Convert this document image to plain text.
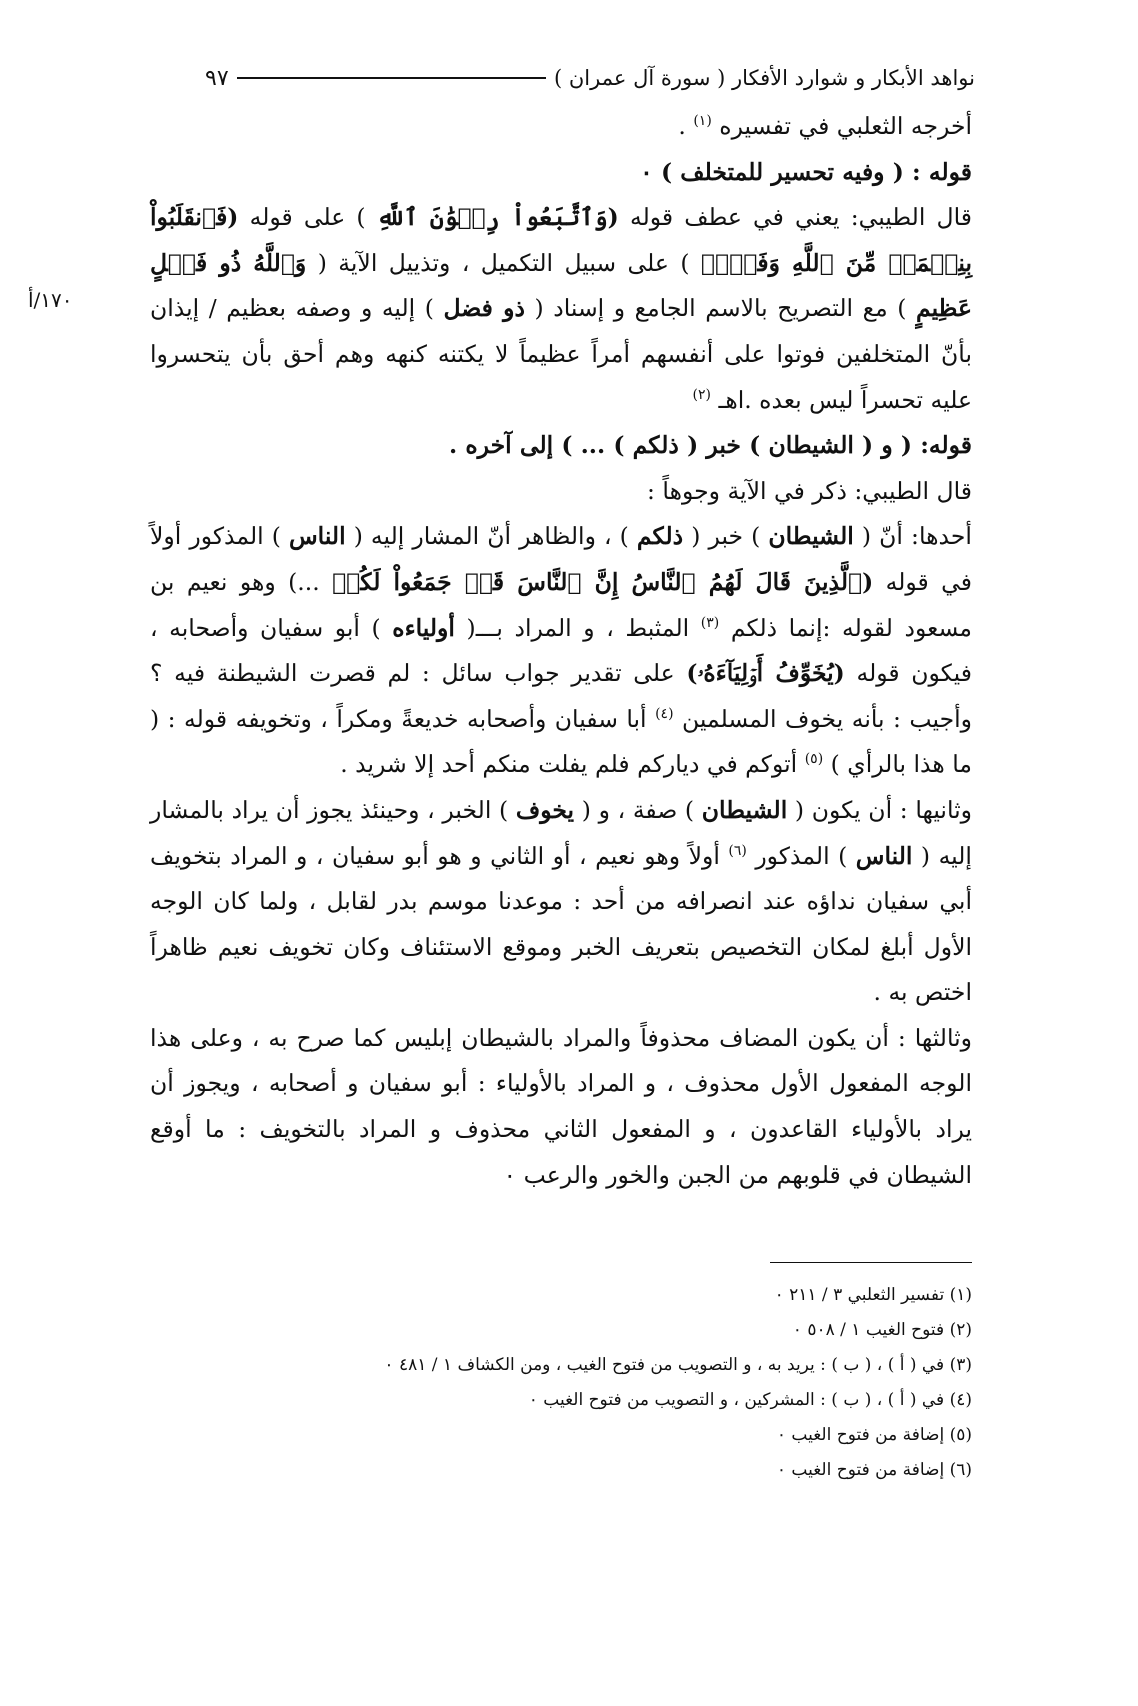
نواهد الأبكار و شوارد الأفكار ( سورة آل عمران )
٩٧
١٧٠/أ

أخرجه الثعلبي في تفسيره $^{(١)}$ .

قوله : ( وفيه تحسير للمتخلف ) ٠

قال الطيبي: يعني في عطف قوله (وَٱتَّبَعُواْ رِضۡوَٰنَ ٱللَّهِ ) على قوله (فَٱنقَلَبُواْ بِنِعۡمَةٖ مِّنَ ٱللَّهِ وَفَضۡلٖ ) على سبيل التكميل ، وتذييل الآية ( وَٱللَّهُ ذُو فَضۡلٍ عَظِيمٍ ) مع التصريح بالاسم الجامع و إسناد ( ذو فضل ) إليه و وصفه بعظيم / إيذان بأنّ المتخلفين فوتوا على أنفسهم أمراً عظيماً لا يكتنه كنهه وهم أحق بأن يتحسروا عليه تحسراً ليس بعده .اهـ $^{(٢)}$

قوله: ( و ( الشيطان ) خبر ( ذلكم ) ... ) إلى آخره .

قال الطيبي: ذكر في الآية وجوهاً :

أحدها: أنّ ( الشيطان ) خبر ( ذلكم ) ، والظاهر أنّ المشار إليه ( الناس ) المذكور أولاً في قوله (ٱلَّذِينَ قَالَ لَهُمُ ٱلنَّاسُ إِنَّ ٱلنَّاسَ قَدۡ جَمَعُواْ لَكُمۡ ...) وهو نعيم بن مسعود لقوله :إنما ذلكم $^{(٣)}$ المثبط ، و المراد بـــ( أولياءه ) أبو سفيان وأصحابه ، فيكون قوله (يُخَوِّفُ أَوۡلِيَآءَهُۥ) على تقدير جواب سائل : لم قصرت الشيطنة فيه ؟ وأجيب : بأنه يخوف المسلمين $^{(٤)}$ أبا سفيان وأصحابه خديعةً ومكراً ، وتخويفه قوله : ( ما هذا بالرأي ) $^{(٥)}$ أتوكم في دياركم فلم يفلت منكم أحد إلا شريد .

وثانيها : أن يكون ( الشيطان ) صفة ، و ( يخوف ) الخبر ، وحينئذ يجوز أن يراد بالمشار إليه ( الناس ) المذكور $^{(٦)}$ أولاً وهو نعيم ، أو الثاني و هو أبو سفيان ، و المراد بتخويف أبي سفيان نداؤه عند انصرافه من أحد : موعدنا موسم بدر لقابل ، ولما كان الوجه الأول أبلغ لمكان التخصيص بتعريف الخبر وموقع الاستئناف وكان تخويف نعيم ظاهراً اختص به .

وثالثها : أن يكون المضاف محذوفاً والمراد بالشيطان إبليس كما صرح به ، وعلى هذا الوجه المفعول الأول محذوف ، و المراد بالأولياء : أبو سفيان و أصحابه ، ويجوز أن يراد بالأولياء القاعدون ، و المفعول الثاني محذوف و المراد بالتخويف : ما أوقع الشيطان في قلوبهم من الجبن والخور والرعب ٠

(١) تفسير الثعلبي ٣ / ٢١١ ٠
(٢) فتوح الغيب ١ / ٥٠٨ ٠
(٣) في ( أ ) ، ( ب ) : يريد به ، و التصويب من فتوح الغيب ، ومن الكشاف ١ / ٤٨١ ٠
(٤) في ( أ ) ، ( ب ) : المشركين ، و التصويب من فتوح الغيب ٠
(٥) إضافة من فتوح الغيب ٠
(٦) إضافة من فتوح الغيب ٠
